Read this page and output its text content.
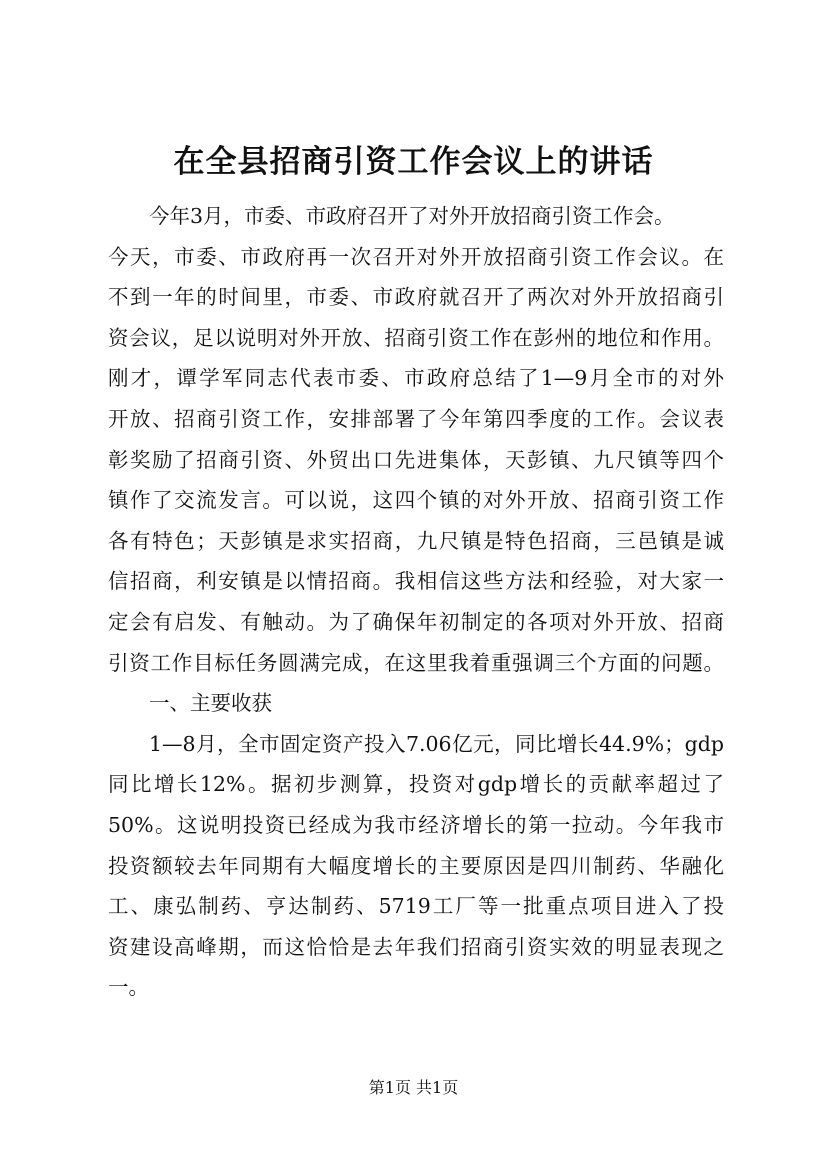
在全县招商引资工作会议上的讲话
今年3月，市委、市政府召开了对外开放招商引资工作会。
今天，市委、市政府再一次召开对外开放招商引资工作会议。在
不到一年的时间里，市委、市政府就召开了两次对外开放招商引
资会议，足以说明对外开放、招商引资工作在彭州的地位和作用。
刚才，谭学军同志代表市委、市政府总结了1—9月全市的对外
开放、招商引资工作，安排部署了今年第四季度的工作。会议表
彰奖励了招商引资、外贸出口先进集体，天彭镇、九尺镇等四个
镇作了交流发言。可以说，这四个镇的对外开放、招商引资工作
各有特色；天彭镇是求实招商，九尺镇是特色招商，三邑镇是诚
信招商，利安镇是以情招商。我相信这些方法和经验，对大家一
定会有启发、有触动。为了确保年初制定的各项对外开放、招商
引资工作目标任务圆满完成，在这里我着重强调三个方面的问题。
一、主要收获
1—8月，全市固定资产投入7.06亿元，同比增长44.9%；gdp
同比增长12%。据初步测算，投资对gdp增长的贡献率超过了
50%。这说明投资已经成为我市经济增长的第一拉动。今年我市
投资额较去年同期有大幅度增长的主要原因是四川制药、华融化
工、康弘制药、亨达制药、5719工厂等一批重点项目进入了投
资建设高峰期，而这恰恰是去年我们招商引资实效的明显表现之
一。
第1页 共1页
